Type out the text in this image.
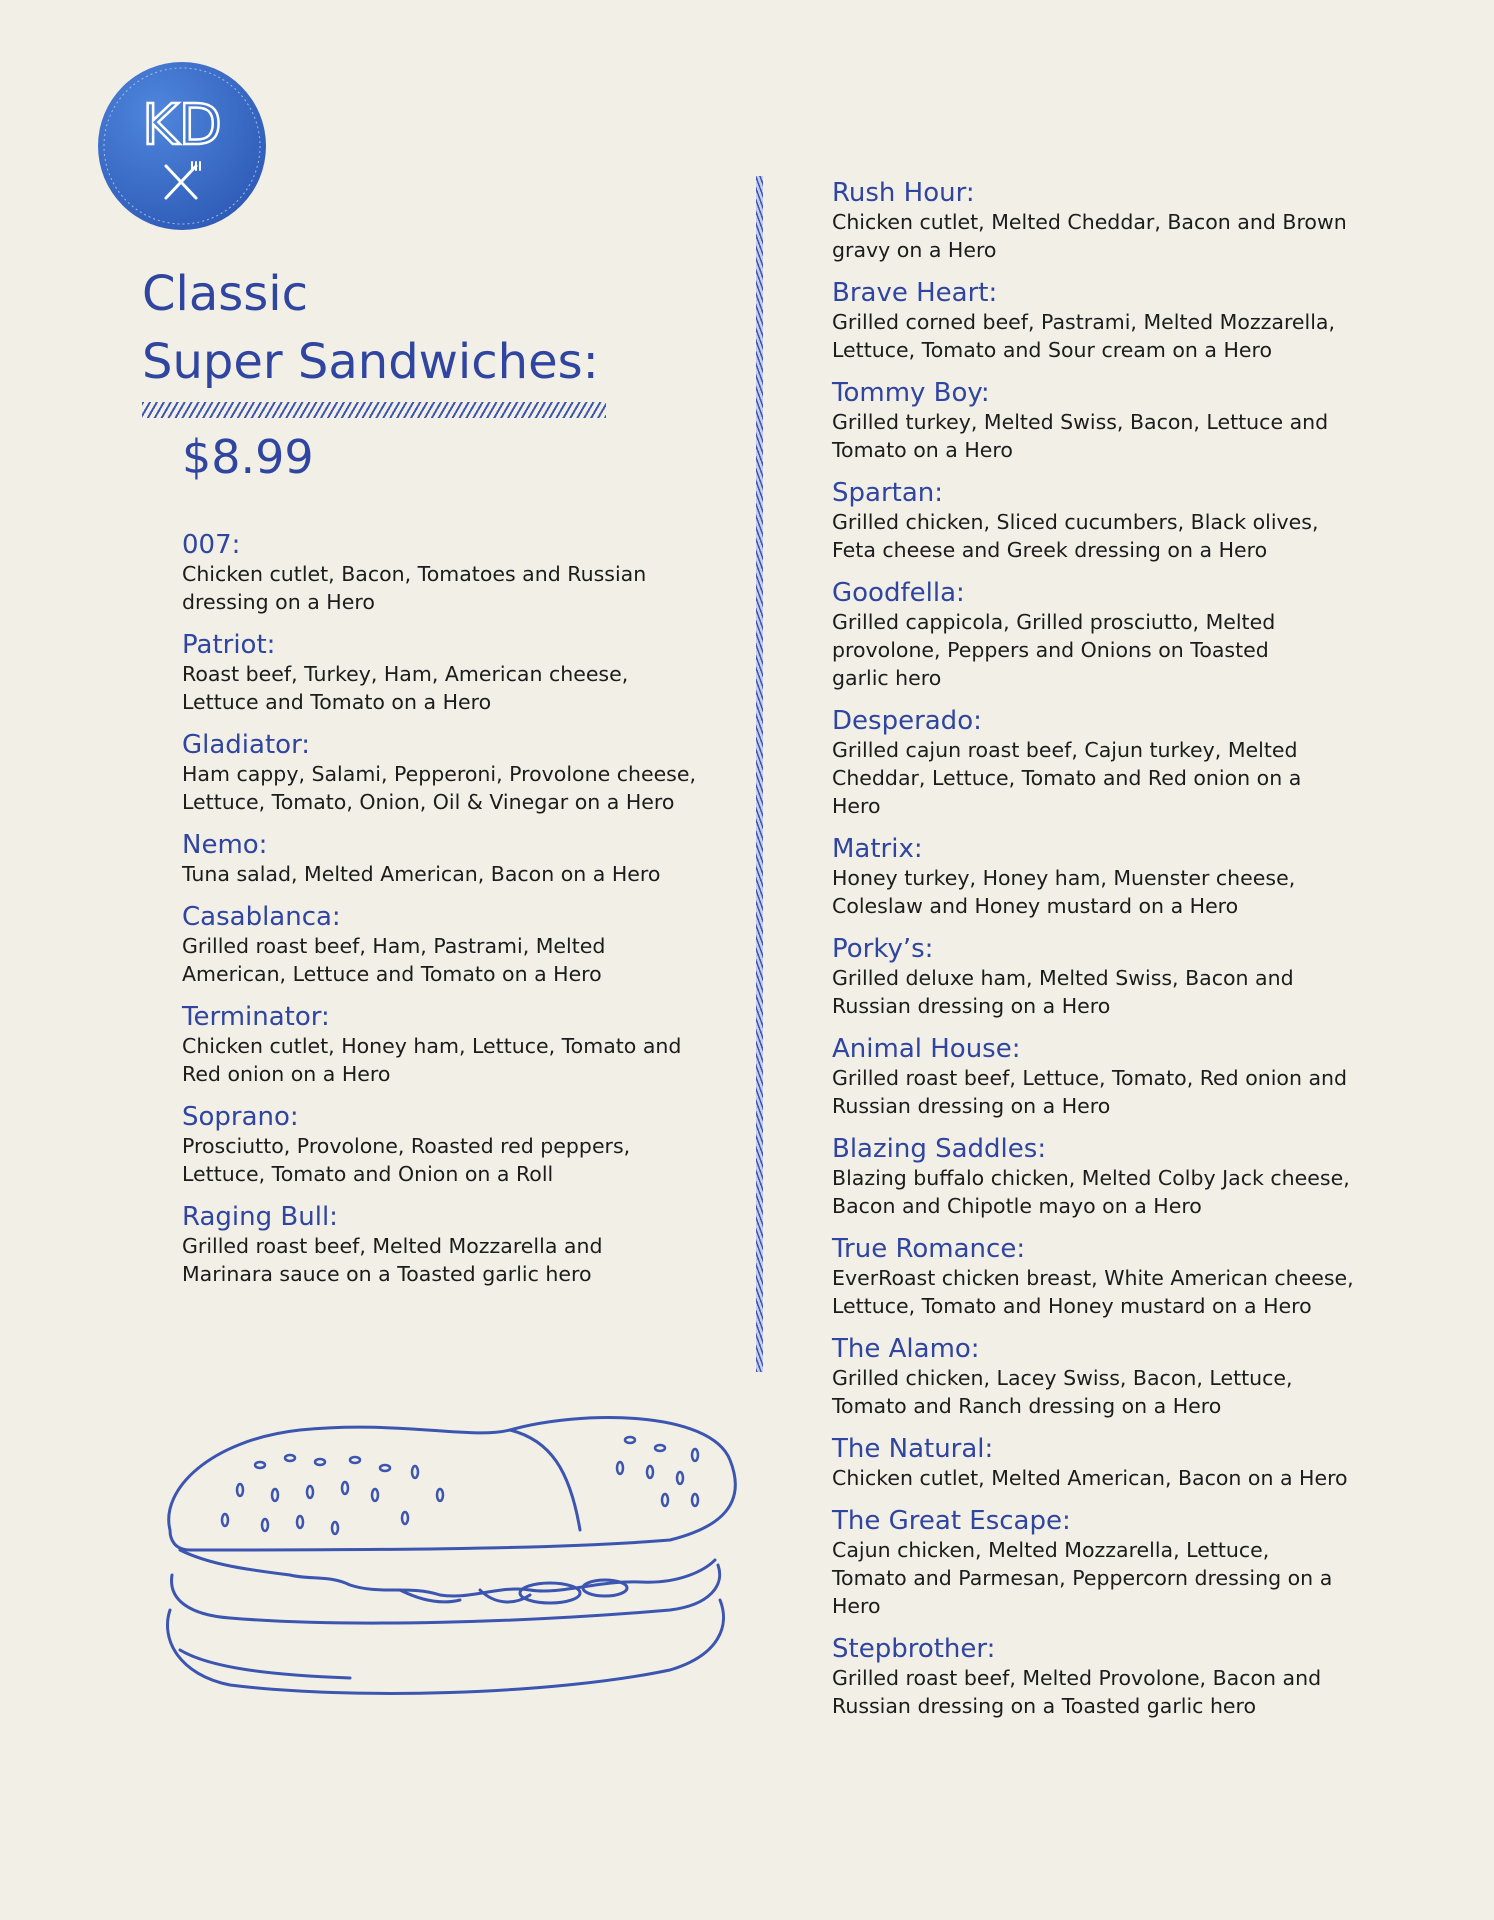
KD
Classic
Super Sandwiches:
$8.99
007:
Chicken cutlet, Bacon, Tomatoes and Russian
dressing on a Hero
Patriot:
Roast beef, Turkey, Ham, American cheese,
Lettuce and Tomato on a Hero
Gladiator:
Ham cappy, Salami, Pepperoni, Provolone cheese,
Lettuce, Tomato, Onion, Oil & Vinegar on a Hero
Nemo:
Tuna salad, Melted American, Bacon on a Hero
Casablanca:
Grilled roast beef, Ham, Pastrami, Melted
American, Lettuce and Tomato on a Hero
Terminator:
Chicken cutlet, Honey ham, Lettuce, Tomato and
Red onion on a Hero
Soprano:
Prosciutto, Provolone, Roasted red peppers,
Lettuce, Tomato and Onion on a Roll
Raging Bull:
Grilled roast beef, Melted Mozzarella and
Marinara sauce on a Toasted garlic hero
Rush Hour:
Chicken cutlet, Melted Cheddar, Bacon and Brown
gravy on a Hero
Brave Heart:
Grilled corned beef, Pastrami, Melted Mozzarella,
Lettuce, Tomato and Sour cream on a Hero
Tommy Boy:
Grilled turkey, Melted Swiss, Bacon, Lettuce and
Tomato on a Hero
Spartan:
Grilled chicken, Sliced cucumbers, Black olives,
Feta cheese and Greek dressing on a Hero
Goodfella:
Grilled cappicola, Grilled prosciutto, Melted
provolone, Peppers and Onions on Toasted
garlic hero
Desperado:
Grilled cajun roast beef, Cajun turkey, Melted
Cheddar, Lettuce, Tomato and Red onion on a
Hero
Matrix:
Honey turkey, Honey ham, Muenster cheese,
Coleslaw and Honey mustard on a Hero
Porky’s:
Grilled deluxe ham, Melted Swiss, Bacon and
Russian dressing on a Hero
Animal House:
Grilled roast beef, Lettuce, Tomato, Red onion and
Russian dressing on a Hero
Blazing Saddles:
Blazing buffalo chicken, Melted Colby Jack cheese,
Bacon and Chipotle mayo on a Hero
True Romance:
EverRoast chicken breast, White American cheese,
Lettuce, Tomato and Honey mustard on a Hero
The Alamo:
Grilled chicken, Lacey Swiss, Bacon, Lettuce,
Tomato and Ranch dressing on a Hero
The Natural:
Chicken cutlet, Melted American, Bacon on a Hero
The Great Escape:
Cajun chicken, Melted Mozzarella, Lettuce,
Tomato and Parmesan, Peppercorn dressing on a
Hero
Stepbrother:
Grilled roast beef, Melted Provolone, Bacon and
Russian dressing on a Toasted garlic hero
